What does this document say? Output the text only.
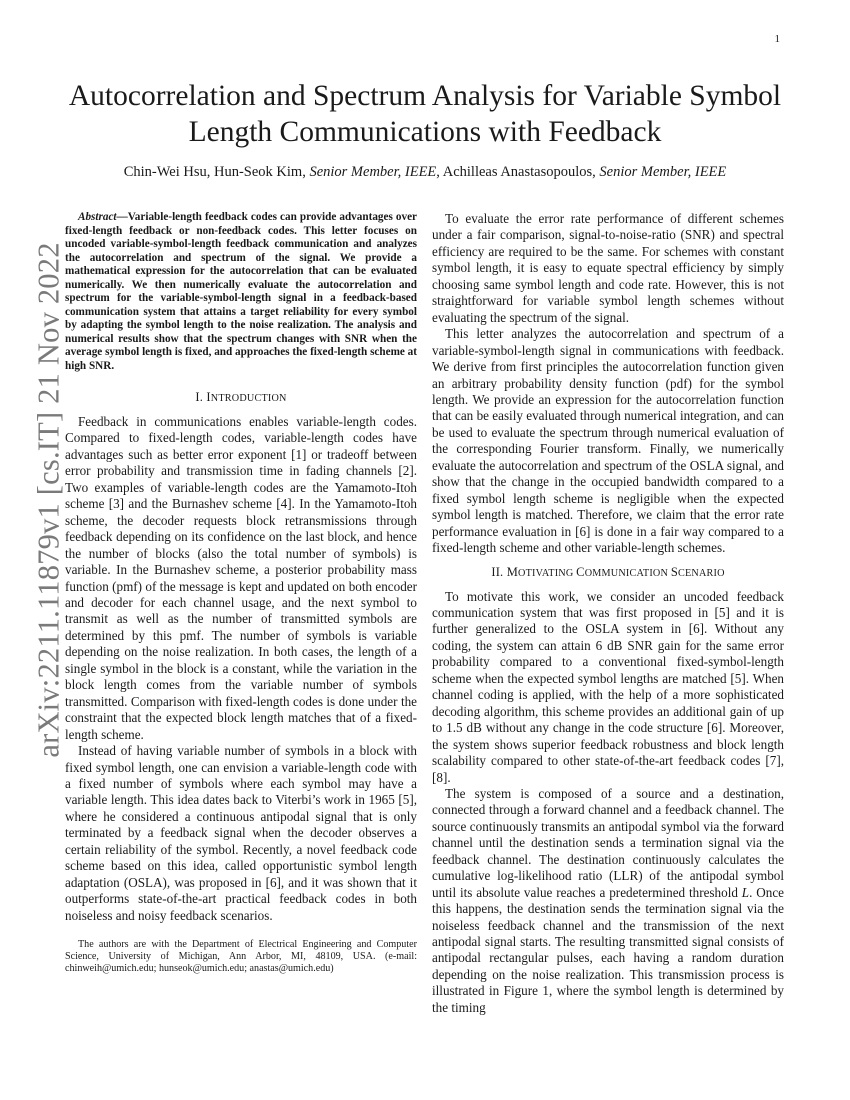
1
arXiv:2211.11879v1 [cs.IT] 21 Nov 2022
Autocorrelation and Spectrum Analysis for Variable Symbol Length Communications with Feedback
Chin-Wei Hsu, Hun-Seok Kim, Senior Member, IEEE, Achilleas Anastasopoulos, Senior Member, IEEE

Abstract—Variable-length feedback codes can provide advantages over fixed-length feedback or non-feedback codes. This letter focuses on uncoded variable-symbol-length feedback communication and analyzes the autocorrelation and spectrum of the signal. We provide a mathematical expression for the autocorrelation that can be evaluated numerically. We then numerically evaluate the autocorrelation and spectrum for the variable-symbol-length signal in a feedback-based communication system that attains a target reliability for every symbol by adapting the symbol length to the noise realization. The analysis and numerical results show that the spectrum changes with SNR when the average symbol length is fixed, and approaches the fixed-length scheme at high SNR.

I. INTRODUCTION

Feedback in communications enables variable-length codes. Compared to fixed-length codes, variable-length codes have advantages such as better error exponent [1] or tradeoff between error probability and transmission time in fading channels [2]. Two examples of variable-length codes are the Yamamoto-Itoh scheme [3] and the Burnashev scheme [4]. In the Yamamoto-Itoh scheme, the decoder requests block retransmissions through feedback depending on its confidence on the last block, and hence the number of blocks (also the total number of symbols) is variable. In the Burnashev scheme, a posterior probability mass function (pmf) of the message is kept and updated on both encoder and decoder for each channel usage, and the next symbol to transmit as well as the number of transmitted symbols are determined by this pmf. The number of symbols is variable depending on the noise realization. In both cases, the length of a single symbol in the block is a constant, while the variation in the block length comes from the variable number of symbols transmitted. Comparison with fixed-length codes is done under the constraint that the expected block length matches that of a fixed-length scheme.

Instead of having variable number of symbols in a block with fixed symbol length, one can envision a variable-length code with a fixed number of symbols where each symbol may have a variable length. This idea dates back to Viterbi’s work in 1965 [5], where he considered a continuous antipodal signal that is only terminated by a feedback signal when the decoder observes a certain reliability of the symbol. Recently, a novel feedback code scheme based on this idea, called opportunistic symbol length adaptation (OSLA), was proposed in [6], and it was shown that it outperforms state-of-the-art practical feedback codes in both noiseless and noisy feedback scenarios.

The authors are with the Department of Electrical Engineering and Computer Science, University of Michigan, Ann Arbor, MI, 48109, USA. (e-mail: chinweih@umich.edu; hunseok@umich.edu; anastas@umich.edu)

To evaluate the error rate performance of different schemes under a fair comparison, signal-to-noise-ratio (SNR) and spectral efficiency are required to be the same. For schemes with constant symbol length, it is easy to equate spectral efficiency by simply choosing same symbol length and code rate. However, this is not straightforward for variable symbol length schemes without evaluating the spectrum of the signal.

This letter analyzes the autocorrelation and spectrum of a variable-symbol-length signal in communications with feedback. We derive from first principles the autocorrelation function given an arbitrary probability density function (pdf) for the symbol length. We provide an expression for the autocorrelation function that can be easily evaluated through numerical integration, and can be used to evaluate the spectrum through numerical evaluation of the corresponding Fourier transform. Finally, we numerically evaluate the autocorrelation and spectrum of the OSLA signal, and show that the change in the occupied bandwidth compared to a fixed symbol length scheme is negligible when the expected symbol length is matched. Therefore, we claim that the error rate performance evaluation in [6] is done in a fair way compared to a fixed-length scheme and other variable-length schemes.

II. MOTIVATING COMMUNICATION SCENARIO

To motivate this work, we consider an uncoded feedback communication system that was first proposed in [5] and it is further generalized to the OSLA system in [6]. Without any coding, the system can attain 6 dB SNR gain for the same error probability compared to a conventional fixed-symbol-length scheme when the expected symbol lengths are matched [5]. When channel coding is applied, with the help of a more sophisticated decoding algorithm, this scheme provides an additional gain of up to 1.5 dB without any change in the code structure [6]. Moreover, the system shows superior feedback robustness and block length scalability compared to other state-of-the-art feedback codes [7], [8].

The system is composed of a source and a destination, connected through a forward channel and a feedback channel. The source continuously transmits an antipodal symbol via the forward channel until the destination sends a termination signal via the feedback channel. The destination continuously calculates the cumulative log-likelihood ratio (LLR) of the antipodal symbol until its absolute value reaches a predetermined threshold L. Once this happens, the destination sends the termination signal via the noiseless feedback channel and the transmission of the next antipodal signal starts. The resulting transmitted signal consists of antipodal rectangular pulses, each having a random duration depending on the noise realization. This transmission process is illustrated in Figure 1, where the symbol length is determined by the timing
